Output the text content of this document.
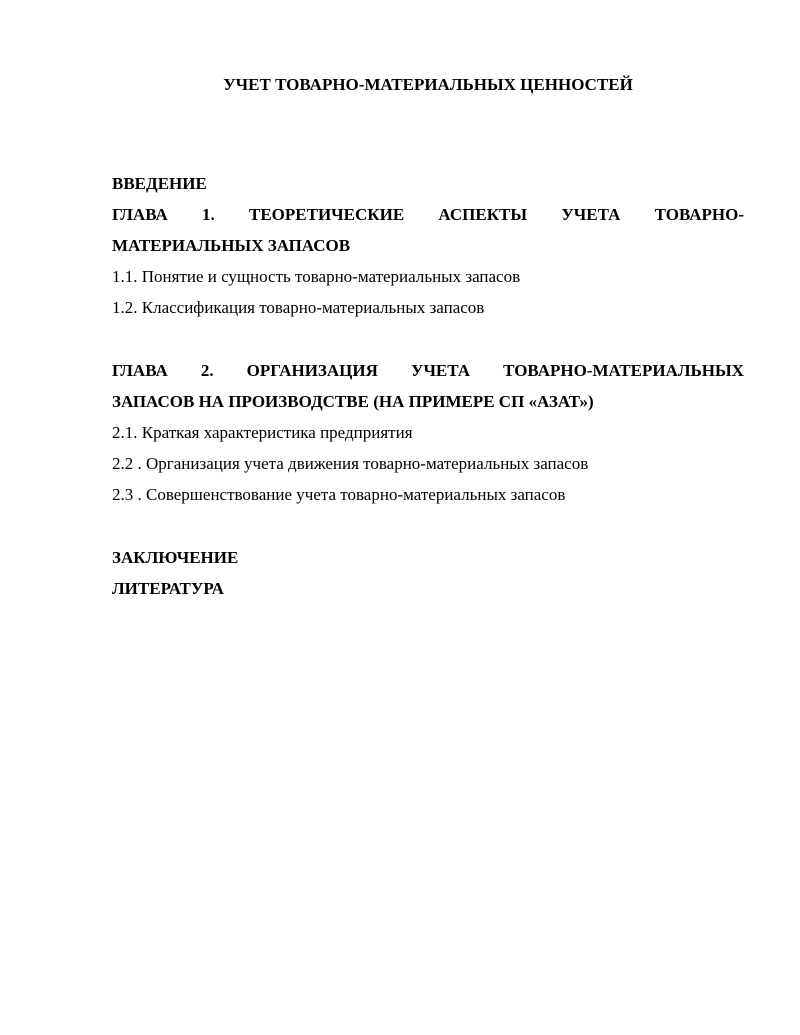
УЧЕТ ТОВАРНО-МАТЕРИАЛЬНЫХ ЦЕННОСТЕЙ

ВВЕДЕНИЕ

ГЛАВА 1. ТЕОРЕТИЧЕСКИЕ АСПЕКТЫ УЧЕТА ТОВАРНО-

МАТЕРИАЛЬНЫХ ЗАПАСОВ

1.1. Понятие и сущность товарно-материальных запасов

1.2. Классификация товарно-материальных запасов

ГЛАВА 2. ОРГАНИЗАЦИЯ УЧЕТА ТОВАРНО-МАТЕРИАЛЬНЫХ

ЗАПАСОВ НА ПРОИЗВОДСТВЕ (НА ПРИМЕРЕ СП «АЗАТ»)

2.1. Краткая характеристика предприятия

2.2 . Организация учета движения товарно-материальных запасов

2.3 . Совершенствование учета товарно-материальных запасов

ЗАКЛЮЧЕНИЕ

ЛИТЕРАТУРА
